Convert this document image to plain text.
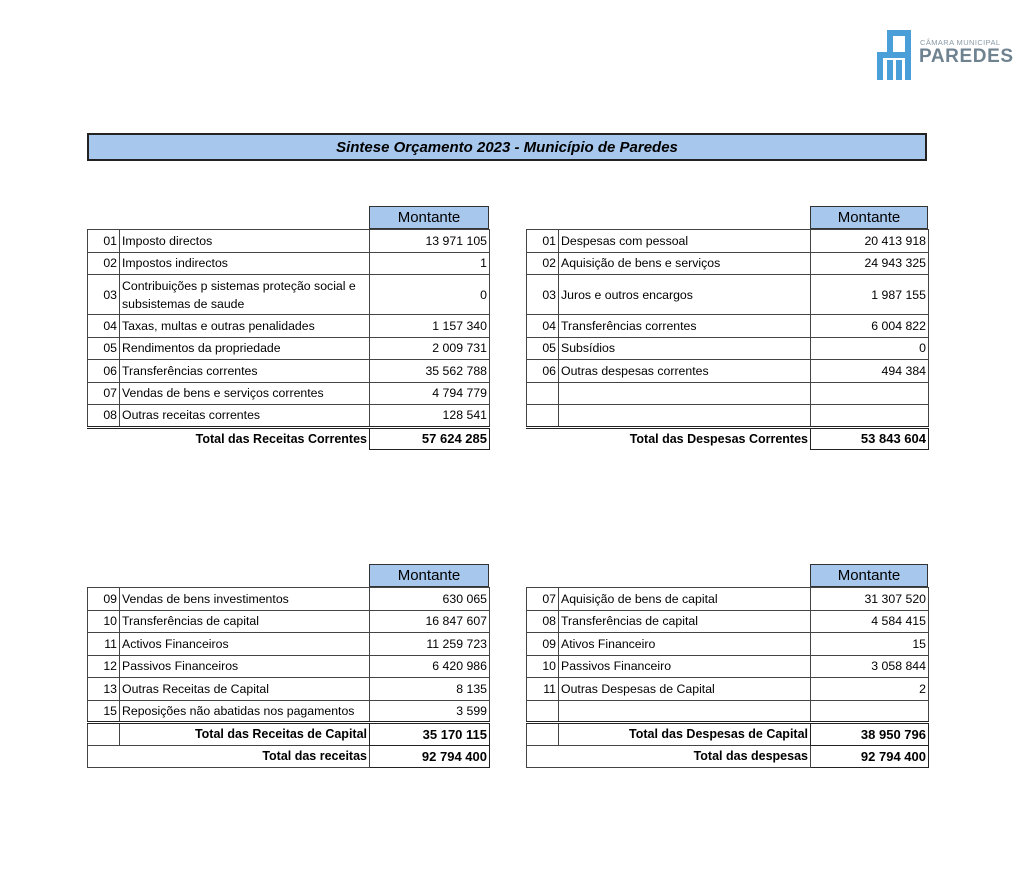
CÂMARA MUNICIPAL
PAREDES
Sintese Orçamento 2023 - Município de Paredes
Montante	Montante
Montante	Montante
01	Imposto directos	13 971 105
02	Impostos indirectos	1
03	Contribuições p sistemas proteção social e subsistemas de saude	0
04	Taxas, multas e outras penalidades	1 157 340
05	Rendimentos da propriedade	2 009 731
06	Transferências correntes	35 562 788
07	Vendas de bens e serviços correntes	4 794 779
08	Outras receitas correntes	128 541
Total das Receitas Correntes		57 624 285
01	Despesas com pessoal	20 413 918
02	Aquisição de bens e serviços	24 943 325
03	Juros e outros encargos	1 987 155
04	Transferências correntes	6 004 822
05	Subsídios	0
06	Outras despesas correntes	494 384

Total das Despesas Correntes		53 843 604
09	Vendas de bens investimentos	630 065
10	Transferências de capital	16 847 607
11	Activos Financeiros	11 259 723
12	Passivos Financeiros	6 420 986
13	Outras Receitas de Capital	8 135
15	Reposições não abatidas nos pagamentos	3 599
	Total das Receitas de Capital	35 170 115
Total das receitas		92 794 400
07	Aquisição de bens de capital	31 307 520
08	Transferências de capital	4 584 415
09	Ativos Financeiro	15
10	Passivos Financeiro	3 058 844
11	Outras Despesas de Capital	2

	Total das Despesas de Capital	38 950 796
Total das despesas		92 794 400
